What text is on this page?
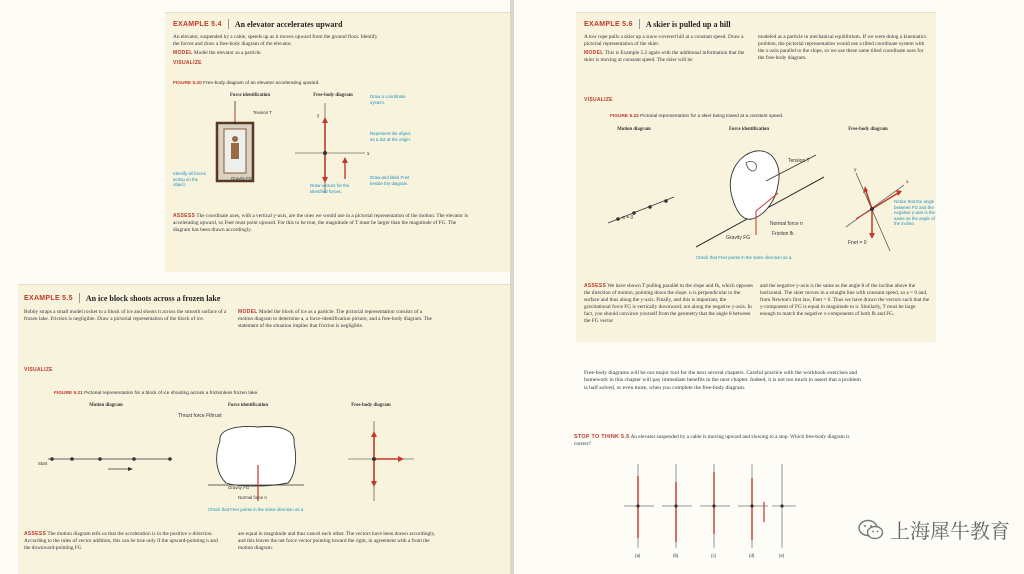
EXAMPLE 5.4 An elevator accelerates upward
An elevator, suspended by a cable, speeds up as it moves upward from the ground floor. Identify the forces and draw a free-body diagram of the elevator.
MODEL Model the elevator as a particle.
VISUALIZE
FIGURE 5.20 Free-body diagram of an elevator accelerating upward.
Force identification	Free-body diagram
Tension T
Gravity FG
y
x
Draw a coordinate system.
Represent the object as a dot at the origin.
Draw and label Fnet beside the diagram.
Identify all forces acting on the object.	Draw vectors for the identified forces.
ASSESS The coordinate axes, with a vertical y-axis, are the ones we would use in a pictorial representation of the motion. The elevator is accelerating upward, so Fnet must point upward. For this to be true, the magnitude of T must be larger than the magnitude of FG. The diagram has been drawn accordingly.
EXAMPLE 5.5 An ice block shoots across a frozen lake
Bobby straps a small model rocket to a block of ice and shoots it across the smooth surface of a frozen lake. Friction is negligible. Draw a pictorial representation of the block of ice.
MODEL Model the block of ice as a particle. The pictorial representation consists of a motion diagram to determine a, a force-identification picture, and a free-body diagram. The statement of the situation implies that friction is negligible.
VISUALIZE
FIGURE 5.21 Pictorial representation for a block of ice shooting across a frictionless frozen lake.
Motion diagram	Force identification	Free-body diagram
Start
Thrust force Fthrust
Gravity FG
Normal force n
Check that Fnet points in the same direction as a.
ASSESS The motion diagram tells us that the acceleration is in the positive x-direction. According to the rules of vector addition, this can be true only if the upward-pointing n and the downward-pointing FG
are equal in magnitude and thus cancel each other. The vectors have been drawn accordingly, and this leaves the net force vector pointing toward the right, in agreement with a from the motion diagram.
EXAMPLE 5.6 A skier is pulled up a hill
A tow rope pulls a skier up a snow-covered hill at a constant speed. Draw a pictorial representation of the skier.
MODEL This is Example 5.2 again with the additional information that the skier is moving at constant speed. The skier will be
modeled as a particle in mechanical equilibrium. If we were doing a kinematics problem, the pictorial representation would use a tilted coordinate system with the x-axis parallel to the slope, so we use these same tilted coordinate axes for the free-body diagram.
VISUALIZE
FIGURE 5.22 Pictorial representation for a skier being towed at a constant speed.
Motion diagram	Force identification	Free-body diagram
a = 0
Tension T
Normal force n
Friction fk
Gravity FG
y
x
Fnet = 0
Notice that the angle between FG and the negative y-axis is the same as the angle of the incline.
Check that Fnet points in the same direction as a.
ASSESS We have shown T pulling parallel to the slope and fk, which opposes the direction of motion, pointing down the slope. n is perpendicular to the surface and thus along the y-axis. Finally, and this is important, the gravitational force FG is vertically downward, not along the negative y-axis. In fact, you should convince yourself from the geometry that the angle θ between the FG vector
and the negative y-axis is the same as the angle θ of the incline above the horizontal. The skier moves in a straight line with constant speed, so a = 0 and, from Newton's first law, Fnet = 0. Thus we have drawn the vectors such that the y-component of FG is equal in magnitude to n. Similarly, T must be large enough to match the negative x-components of both fk and FG.
Free-body diagrams will be our major tool for the next several chapters. Careful practice with the workbook exercises and homework in this chapter will pay immediate benefits in the next chapter. Indeed, it is not too much to assert that a problem is half solved, or even more, when you complete the free-body diagram.
STOP TO THINK 5.5 An elevator suspended by a cable is moving upward and slowing to a stop. Which free-body diagram is correct?
(a)	(b)	(c)	(d)	(e)
上海犀牛教育
